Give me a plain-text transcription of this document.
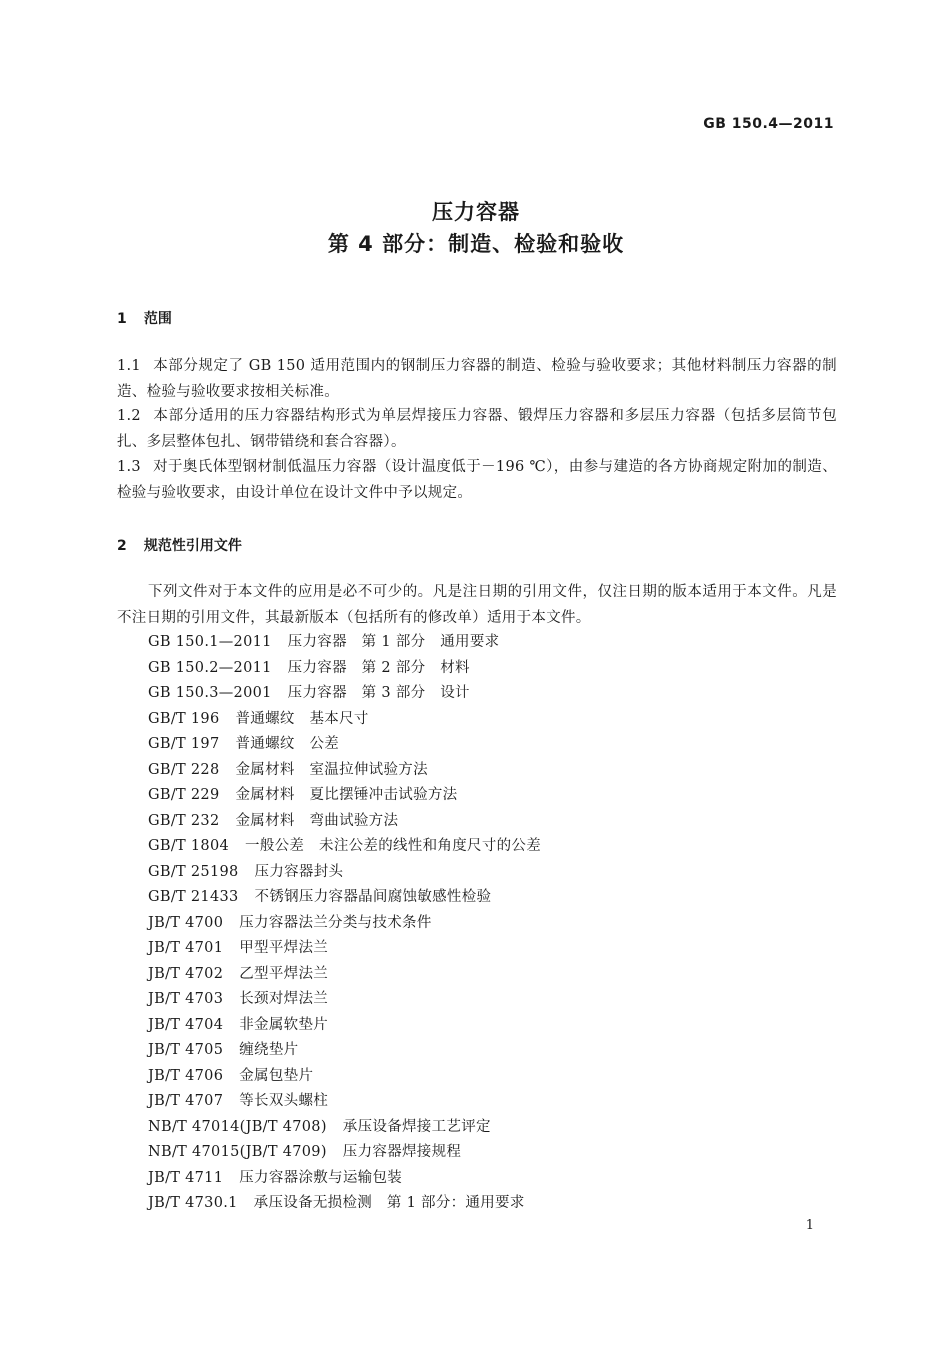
GB 150.4—2011
压力容器
第 4 部分：制造、检验和验收
1 范围
1.1 本部分规定了 GB 150 适用范围内的钢制压力容器的制造、检验与验收要求；其他材料制压力容器的制造、检验与验收要求按相关标准。
1.2 本部分适用的压力容器结构形式为单层焊接压力容器、锻焊压力容器和多层压力容器（包括多层筒节包扎、多层整体包扎、钢带错绕和套合容器）。
1.3 对于奥氏体型钢材制低温压力容器（设计温度低于－196 ℃），由参与建造的各方协商规定附加的制造、检验与验收要求，由设计单位在设计文件中予以规定。
2 规范性引用文件
下列文件对于本文件的应用是必不可少的。凡是注日期的引用文件，仅注日期的版本适用于本文件。凡是不注日期的引用文件，其最新版本（包括所有的修改单）适用于本文件。
GB 150.1—2011 压力容器　第 1 部分　通用要求
GB 150.2—2011 压力容器　第 2 部分　材料
GB 150.3—2001 压力容器　第 3 部分　设计
GB/T 196 普通螺纹　基本尺寸
GB/T 197 普通螺纹　公差
GB/T 228 金属材料　室温拉伸试验方法
GB/T 229 金属材料　夏比摆锤冲击试验方法
GB/T 232 金属材料　弯曲试验方法
GB/T 1804 一般公差　未注公差的线性和角度尺寸的公差
GB/T 25198 压力容器封头
GB/T 21433 不锈钢压力容器晶间腐蚀敏感性检验
JB/T 4700 压力容器法兰分类与技术条件
JB/T 4701 甲型平焊法兰
JB/T 4702 乙型平焊法兰
JB/T 4703 长颈对焊法兰
JB/T 4704 非金属软垫片
JB/T 4705 缠绕垫片
JB/T 4706 金属包垫片
JB/T 4707 等长双头螺柱
NB/T 47014(JB/T 4708) 承压设备焊接工艺评定
NB/T 47015(JB/T 4709) 压力容器焊接规程
JB/T 4711 压力容器涂敷与运输包装
JB/T 4730.1 承压设备无损检测　第 1 部分：通用要求
1
